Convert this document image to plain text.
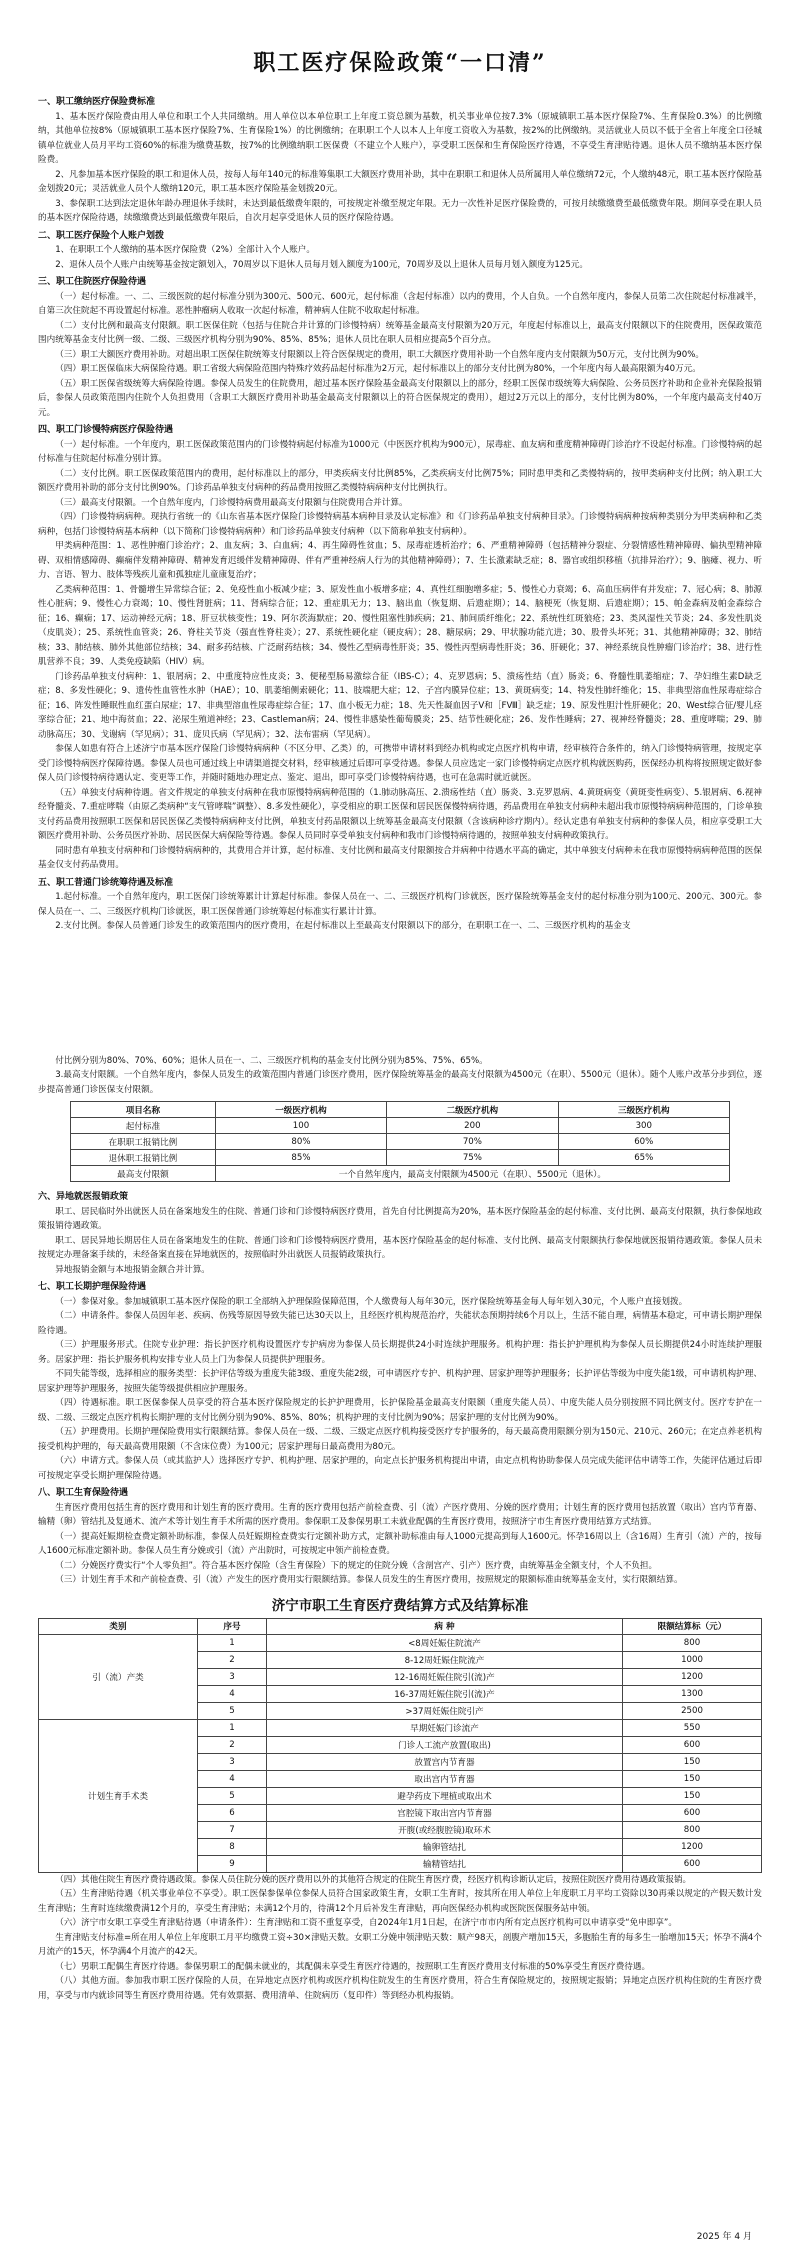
职工医疗保险政策“一口清”
一、职工缴纳医疗保险费标准
1、基本医疗保险费由用人单位和职工个人共同缴纳。用人单位以本单位职工上年度工资总额为基数，机关事业单位按7.3%（原城镇职工基本医疗保险7%、生育保险0.3%）的比例缴纳，其他单位按8%（原城镇职工基本医疗保险7%、生育保险1%）的比例缴纳；在职职工个人以本人上年度工资收入为基数，按2%的比例缴纳。灵活就业人员以不低于全省上年度全口径城镇单位就业人员月平均工资60%的标准为缴费基数，按7%的比例缴纳职工医保费（不建立个人账户），享受职工医保和生育保险医疗待遇，不享受生育津贴待遇。退休人员不缴纳基本医疗保险费。
2、凡参加基本医疗保险的职工和退休人员，按每人每年140元的标准筹集职工大额医疗费用补助，其中在职职工和退休人员所属用人单位缴纳72元，个人缴纳48元，职工基本医疗保险基金划拨20元；灵活就业人员个人缴纳120元，职工基本医疗保险基金划拨20元。
3、参保职工达到法定退休年龄办理退休手续时，未达到最低缴费年限的，可按规定补缴至规定年限。无力一次性补足医疗保险费的，可按月续缴缴费至最低缴费年限。期间享受在职人员的基本医疗保险待遇，续缴缴费达到最低缴费年限后，自次月起享受退休人员的医疗保险待遇。
二、职工医疗保险个人账户划拨
1、在职职工个人缴纳的基本医疗保险费（2%）全部计入个人账户。
2、退休人员个人账户由统筹基金按定额划入，70周岁以下退休人员每月划入额度为100元，70周岁及以上退休人员每月划入额度为125元。
三、职工住院医疗保险待遇
（一）起付标准。一、二、三级医院的起付标准分别为300元、500元、600元，起付标准（含起付标准）以内的费用，个人自负。一个自然年度内，参保人员第二次住院起付标准减半，自第三次住院起不再设置起付标准。恶性肿瘤病人收取一次起付标准，精神病人住院不收取起付标准。
（二）支付比例和最高支付限额。职工医保住院（包括与住院合并计算的门诊慢特病）统筹基金最高支付限额为20万元，年度起付标准以上，最高支付限额以下的住院费用，医保政策范围内统筹基金支付比例一级、二级、三级医疗机构分别为90%、85%、85%；退休人员比在职人员相应提高5个百分点。
（三）职工大额医疗费用补助。对超出职工医保住院统筹支付限额以上符合医保规定的费用，职工大额医疗费用补助一个自然年度内支付限额为50万元，支付比例为90%。
（四）职工医保临床大病保险待遇。职工省级大病保险范围内特殊疗效药品起付标准为2万元，起付标准以上的部分支付比例为80%，一个年度内每人最高限额为40万元。
（五）职工医保省级统筹大病保险待遇。参保人员发生的住院费用，超过基本医疗保险基金最高支付限额以上的部分，经职工医保市级统筹大病保险、公务员医疗补助和企业补充保险报销后，参保人员政策范围内住院个人负担费用（含职工大额医疗费用补助基金最高支付限额以上的符合医保规定的费用），超过2万元以上的部分，支付比例为80%，一个年度内最高支付40万元。
四、职工门诊慢特病医疗保险待遇
（一）起付标准。一个年度内，职工医保政策范围内的门诊慢特病起付标准为1000元（中医医疗机构为900元），尿毒症、血友病和重度精神障碍门诊治疗不设起付标准。门诊慢特病的起付标准与住院起付标准分别计算。
（二）支付比例。职工医保政策范围内的费用，起付标准以上的部分，甲类疾病支付比例85%，乙类疾病支付比例75%；同时患甲类和乙类慢特病的，按甲类病种支付比例；纳入职工大额医疗费用补助的部分支付比例90%。门诊药品单独支付病种的药品费用按照乙类慢特病病种支付比例执行。
（三）最高支付限额。一个自然年度内，门诊慢特病费用最高支付限额与住院费用合并计算。
（四）门诊慢特病病种。现执行省统一的《山东省基本医疗保险门诊慢特病基本病种目录及认定标准》和《门诊药品单独支付病种目录》。门诊慢特病病种按病种类别分为甲类病种和乙类病种，包括门诊慢特病基本病种（以下简称门诊慢特病病种）和门诊药品单独支付病种（以下简称单独支付病种）。
甲类病种范围：1、恶性肿瘤门诊治疗；2、血友病；3、白血病；4、再生障碍性贫血；5、尿毒症透析治疗；6、严重精神障碍（包括精神分裂症、分裂情感性精神障碍、偏执型精神障碍、双相情感障碍、癫痫伴发精神障碍、精神发育迟缓伴发精神障碍、伴有严重神经病人行为的其他精神障碍）；7、生长激素缺乏症；8、器官或组织移植（抗排异治疗）；9、脑瘫、视力、听力、言语、智力、肢体等残疾儿童和孤独症儿童康复治疗；
乙类病种范围：1、骨髓增生异常综合征；2、免疫性血小板减少症；3、原发性血小板增多症；4、真性红细胞增多症；5、慢性心力衰竭；6、高血压病伴有并发症；7、冠心病；8、肺源性心脏病；9、慢性心力衰竭；10、慢性肾脏病；11、肾病综合征；12、重症肌无力；13、脑出血（恢复期、后遗症期）；14、脑梗死（恢复期、后遗症期）；15、帕金森病及帕金森综合征；16、癫痫；17、运动神经元病；18、肝豆状核变性；19、阿尔茨海默症；20、慢性阻塞性肺疾病；21、肺间质纤维化；22、系统性红斑狼疮；23、类风湿性关节炎；24、多发性肌炎（皮肌炎）；25、系统性血管炎；26、脊柱关节炎（强直性脊柱炎）；27、系统性硬化症（硬皮病）；28、糖尿病；29、甲状腺功能亢进；30、股骨头坏死；31、其他精神障碍；32、肺结核；33、肺结核、肺外其他部位结核；34、耐多药结核、广泛耐药结核；34、慢性乙型病毒性肝炎；35、慢性丙型病毒性肝炎；36、肝硬化；37、神经系统良性肿瘤门诊治疗；38、进行性肌营养不良；39、人类免疫缺陷（HIV）病。
门诊药品单独支付病种：1、银屑病；2、中重度特应性皮炎；3、便秘型肠易激综合征（IBS-C）；4、克罗恩病；5、溃疡性结（直）肠炎；6、脊髓性肌萎缩症；7、孕妇维生素D缺乏症；8、多发性硬化；9、遗传性血管性水肿（HAE）；10、肌萎缩侧索硬化；11、肢端肥大症；12、子宫内膜异位症；13、黄斑病变；14、特发性肺纤维化；15、非典型溶血性尿毒症综合征；16、阵发性睡眠性血红蛋白尿症；17、非典型溶血性尿毒症综合征；17、血小板无力症；18、先天性凝血因子Ⅴ和［FⅧ］缺乏症；19、原发性胆汁性肝硬化；20、West综合征/婴儿痉挛综合征；21、地中海贫血；22、泌尿生殖道神经；23、Castleman病；24、慢性非感染性葡萄膜炎；25、结节性硬化症；26、发作性睡病；27、视神经脊髓炎；28、重度哮喘；29、肺动脉高压；30、戈谢病（罕见病）；31、庞贝氏病（罕见病）；32、法布雷病（罕见病）。
参保人如患有符合上述济宁市基本医疗保险门诊慢特病病种（不区分甲、乙类）的，可携带申请材料到经办机构或定点医疗机构申请，经审核符合条件的，纳入门诊慢特病管理，按规定享受门诊慢特病医疗保障待遇。参保人员也可通过线上申请渠道提交材料，经审核通过后即可享受待遇。参保人员应选定一家门诊慢特病定点医疗机构就医购药，医保经办机构将按照规定做好参保人员门诊慢特病待遇认定、变更等工作，并随时随地办理定点、鉴定、退出，即可享受门诊慢特病待遇，也可在急需时就近就医。
（五）单独支付病种待遇。省文件规定的单独支付病种在我市原慢特病病种范围的（1.肺动脉高压、2.溃疡性结（直）肠炎、3.克罗恩病、4.黄斑病变（黄斑变性病变）、5.银屑病、6.视神经脊髓炎、7.重症哮喘（由原乙类病种“支气管哮喘”调整）、8.多发性硬化），享受相应的职工医保和居民医保慢特病待遇，药品费用在单独支付病种未超出我市原慢特病病种范围的，门诊单独支付药品费用按照职工医保和居民医保乙类慢特病病种支付比例，单独支付药品限额以上统筹基金最高支付限额（含该病种诊疗期内）。经认定患有单独支付病种的参保人员，相应享受职工大额医疗费用补助、公务员医疗补助、居民医保大病保险等待遇。参保人员同时享受单独支付病种和我市门诊慢特病待遇的，按照单独支付病种政策执行。
同时患有单独支付病种和门诊慢特病病种的，其费用合并计算，起付标准、支付比例和最高支付限额按合并病种中待遇水平高的确定，其中单独支付病种未在我市原慢特病病种范围的医保基金仅支付药品费用。
五、职工普通门诊统筹待遇及标准
1.起付标准。一个自然年度内，职工医保门诊统筹累计计算起付标准。参保人员在一、二、三级医疗机构门诊就医，医疗保险统筹基金支付的起付标准分别为100元、200元、300元。参保人员在一、二、三级医疗机构门诊就医，职工医保普通门诊统筹起付标准实行累计计算。
2.支付比例。参保人员普通门诊发生的政策范围内的医疗费用，在起付标准以上至最高支付限额以下的部分，在职职工在一、二、三级医疗机构的基金支
付比例分别为80%、70%、60%；退休人员在一、二、三级医疗机构的基金支付比例分别为85%、75%、65%。
3.最高支付限额。一个自然年度内，参保人员发生的政策范围内普通门诊医疗费用，医疗保险统筹基金的最高支付限额为4500元（在职）、5500元（退休）。随个人账户改革分步到位，逐步提高普通门诊医保支付限额。
项目名称	一级医疗机构	二级医疗机构	三级医疗机构
起付标准	100	200	300
在职职工报销比例	80%	70%	60%
退休职工报销比例	85%	75%	65%
最高支付限额	一个自然年度内，最高支付限额为4500元（在职）、5500元（退休）。		
六、异地就医报销政策
职工、居民临时外出就医人员在备案地发生的住院、普通门诊和门诊慢特病医疗费用，首先自付比例提高为20%，基本医疗保险基金的起付标准、支付比例、最高支付限额，执行参保地政策报销待遇政策。
职工、居民异地长期居住人员在备案地发生的住院、普通门诊和门诊慢特病医疗费用，基本医疗保险基金的起付标准、支付比例、最高支付限额执行参保地就医报销待遇政策。参保人员未按规定办理备案手续的，未经备案直接在异地就医的，按照临时外出就医人员报销政策执行。
异地报销金额与本地报销金额合并计算。
七、职工长期护理保险待遇
（一）参保对象。参加城镇职工基本医疗保险的职工全部纳入护理保险保障范围，个人缴费每人每年30元，医疗保险统筹基金每人每年划入30元，个人账户直接划拨。
（二）申请条件。参保人员因年老、疾病、伤残等原因导致失能已达30天以上，且经医疗机构规范治疗，失能状态预期持续6个月以上，生活不能自理，病情基本稳定，可申请长期护理保险待遇。
（三）护理服务形式。住院专业护理：指长护医疗机构设置医疗专护病房为参保人员长期提供24小时连续护理服务。机构护理：指长护护理机构为参保人员长期提供24小时连续护理服务。居家护理：指长护服务机构安排专业人员上门为参保人员提供护理服务。
不同失能等级，选择相应的服务类型：长护评估等级为重度失能3级、重度失能2级，可申请医疗专护、机构护理、居家护理等护理服务；长护评估等级为中度失能1级，可申请机构护理、居家护理等护理服务，按照失能等级提供相应护理服务。
（四）待遇标准。职工医保参保人员享受的符合基本医疗保险规定的长护护理费用，长护保险基金最高支付限额（重度失能人员）、中度失能人员分别按照不同比例支付。医疗专护在一级、二级、三级定点医疗机构长期护理的支付比例分别为90%、85%、80%；机构护理的支付比例为90%；居家护理的支付比例为90%。
（五）护理费用。长期护理保险费用实行限额结算。参保人员在一级、二级、三级定点医疗机构接受医疗专护服务的，每天最高费用限额分别为150元、210元、260元；在定点养老机构接受机构护理的，每天最高费用限额（不含床位费）为100元；居家护理每日最高费用为80元。
（六）申请方式。参保人员（或其监护人）选择医疗专护、机构护理、居家护理的，向定点长护服务机构提出申请，由定点机构协助参保人员完成失能评估申请等工作，失能评估通过后即可按规定享受长期护理保险待遇。
八、职工生育保险待遇
生育医疗费用包括生育的医疗费用和计划生育的医疗费用。生育的医疗费用包括产前检查费、引（流）产医疗费用、分娩的医疗费用；计划生育的医疗费用包括放置（取出）宫内节育器、输精（卵）管结扎及复通术、流产术等计划生育手术所需的医疗费用。参保职工及参保男职工未就业配偶的生育医疗费用，按照济宁市生育医疗费用结算方式结算。
（一）提高妊娠期检查费定额补助标准，参保人员妊娠期检查费实行定额补助方式，定额补助标准由每人1000元提高到每人1600元。怀孕16周以上（含16周）生育引（流）产的，按每人1600元标准定额补助。参保人员生育分娩或引（流）产出院时，可按规定申领产前检查费。
（二）分娩医疗费实行“个人零负担”。符合基本医疗保险（含生育保险）下的规定的住院分娩（含剖宫产、引产）医疗费，由统筹基金全额支付，个人不负担。
（三）计划生育手术和产前检查费、引（流）产发生的医疗费用实行限额结算。参保人员发生的生育医疗费用，按照规定的限额标准由统筹基金支付，实行限额结算。
济宁市职工生育医疗费结算方式及结算标准
类别	序号	病 种	限额结算标（元）
引（流）产类	1	<8周妊娠住院流产	800
	2	8-12周妊娠住院流产	1000
	3	12-16周妊娠住院引(流)产	1200
	4	16-37周妊娠住院引(流)产	1300
	5	>37周妊娠住院引产	2500
计划生育手术类	1	早期妊娠门诊流产	550
	2	门诊人工流产放置(取出)	600
	3	放置宫内节育器	150
	4	取出宫内节育器	150
	5	避孕药皮下埋植或取出术	150
	6	宫腔镜下取出宫内节育器	600
	7	开腹(或经腹腔镜)取环术	800
	8	输卵管结扎	1200
	9	输精管结扎	600
（四）其他住院生育医疗费待遇政策。参保人员住院分娩的医疗费用以外的其他符合规定的住院生育医疗费，经医疗机构诊断认定后，按照住院医疗费用待遇政策报销。
（五）生育津贴待遇（机关事业单位不享受）。职工医保参保单位参保人员符合国家政策生育，女职工生育时，按其所在用人单位上年度职工月平均工资除以30再乘以规定的产假天数计发生育津贴；生育时连续缴费满12个月的，享受生育津贴；未满12个月的，待满12个月后补发生育津贴，再向医保经办机构或医院医保服务站申领。
（六）济宁市女职工享受生育津贴待遇（申请条件）：生育津贴和工资不重复享受，自2024年1月1日起，在济宁市市内所有定点医疗机构可以申请享受“免申即享”。
生育津贴支付标准=所在用人单位上年度职工月平均缴费工资÷30×津贴天数。女职工分娩申领津贴天数：顺产98天，剖腹产增加15天，多胞胎生育的每多生一胎增加15天；怀孕不满4个月流产的15天，怀孕满4个月流产的42天。
（七）男职工配偶生育医疗待遇。参保男职工的配偶未就业的，其配偶未享受生育医疗待遇的，按照职工生育医疗费用支付标准的50%享受生育医疗费待遇。
（八）其他方面。参加我市职工医疗保险的人员，在异地定点医疗机构或医疗机构住院发生的生育医疗费用，符合生育保险规定的，按照规定报销；异地定点医疗机构住院的生育医疗费用，享受与市内就诊同等生育医疗费用待遇。凭有效票据、费用清单、住院病历（复印件）等到经办机构报销。
2025 年 4 月
